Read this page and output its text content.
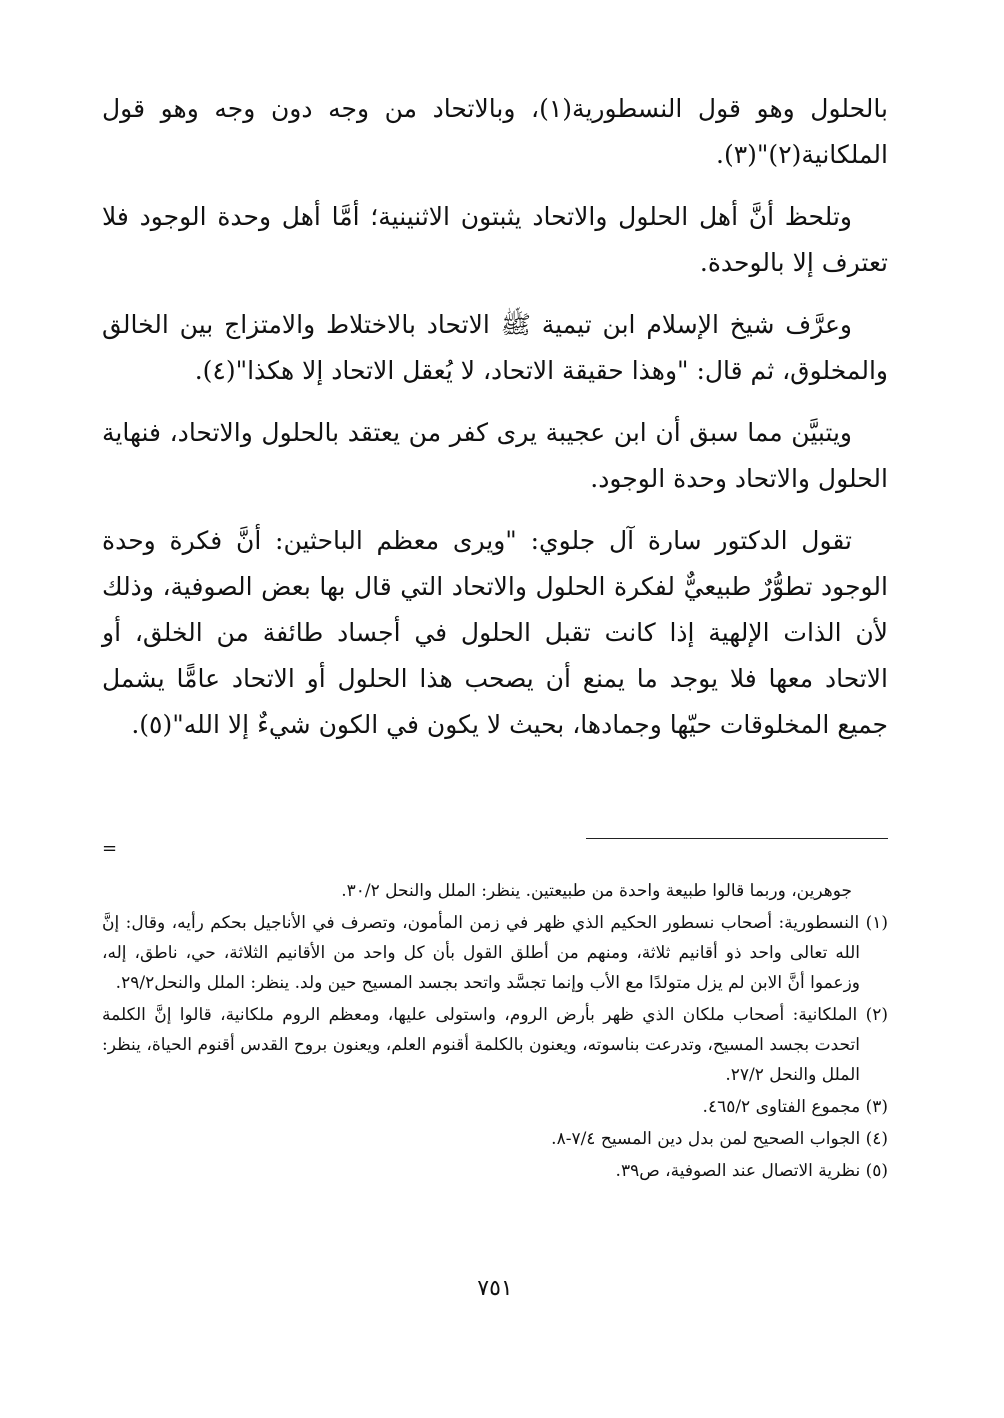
بالحلول وهو قول النسطورية(١)، وبالاتحاد من وجه دون وجه وهو قول الملكانية(٢)"(٣).

وتلحظ أنَّ أهل الحلول والاتحاد يثبتون الاثنينية؛ أمَّا أهل وحدة الوجود فلا تعترف إلا بالوحدة.

وعرَّف شيخ الإسلام ابن تيمية ﷺ الاتحاد بالاختلاط والامتزاج بين الخالق والمخلوق، ثم قال: "وهذا حقيقة الاتحاد، لا يُعقل الاتحاد إلا هكذا"(٤).

ويتبيَّن مما سبق أن ابن عجيبة يرى كفر من يعتقد بالحلول والاتحاد، فنهاية الحلول والاتحاد وحدة الوجود.

تقول الدكتور سارة آل جلوي: "ويرى معظم الباحثين: أنَّ فكرة وحدة الوجود تطوُّرٌ طبيعيٌّ لفكرة الحلول والاتحاد التي قال بها بعض الصوفية، وذلك لأن الذات الإلهية إذا كانت تقبل الحلول في أجساد طائفة من الخلق، أو الاتحاد معها فلا يوجد ما يمنع أن يصحب هذا الحلول أو الاتحاد عامًّا يشمل جميع المخلوقات حيّها وجمادها، بحيث لا يكون في الكون شيءٌ إلا الله"(٥).

=

جوهرين، وربما قالوا طبيعة واحدة من طبيعتين. ينظر: الملل والنحل ٣٠/٢.

(١) النسطورية: أصحاب نسطور الحكيم الذي ظهر في زمن المأمون، وتصرف في الأناجيل بحكم رأيه، وقال: إنَّ الله تعالى واحد ذو أقانيم ثلاثة، ومنهم من أطلق القول بأن كل واحد من الأقانيم الثلاثة، حي، ناطق، إله، وزعموا أنَّ الابن لم يزل متولدًا مع الأب وإنما تجسَّد واتحد بجسد المسيح حين ولد. ينظر: الملل والنحل٢٩/٢.

(٢) الملكانية: أصحاب ملكان الذي ظهر بأرض الروم، واستولى عليها، ومعظم الروم ملكانية، قالوا إنَّ الكلمة اتحدت بجسد المسيح، وتدرعت بناسوته، ويعنون بالكلمة أقنوم العلم، ويعنون بروح القدس أقنوم الحياة، ينظر: الملل والنحل ٢٧/٢.

(٣) مجموع الفتاوى ٤٦٥/٢.

(٤) الجواب الصحيح لمن بدل دين المسيح ٧/٤-٨.

(٥) نظرية الاتصال عند الصوفية، ص٣٩.

٧٥١
